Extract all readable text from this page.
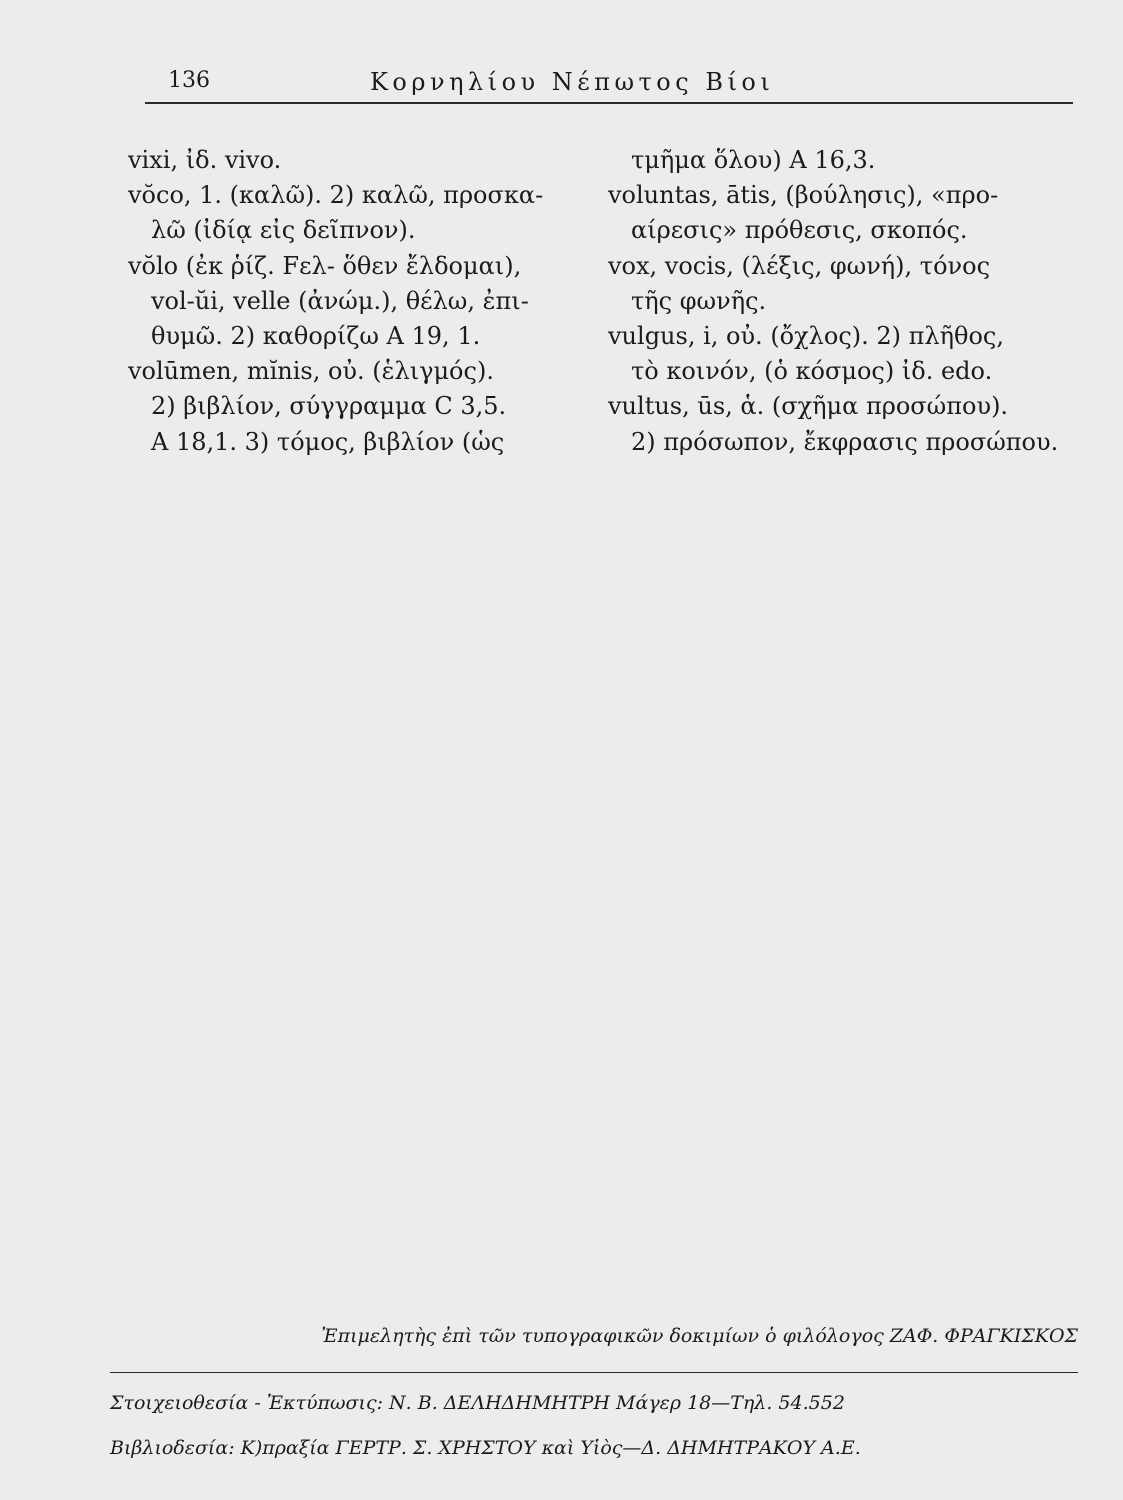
136	Κορνηλίου Νέπωτος Βίοι
vixi, ἰδ. vivo.
vŏco, 1. (καλῶ). 2) καλῶ, προσκα-
λῶ (ἰδίᾳ εἰς δεῖπνον).
vŏlo (ἐκ ῥίζ. Fελ- ὅθεν ἔλδομαι),
vol-ŭi, velle (ἀνώμ.), θέλω, ἐπι-
θυμῶ. 2) καθορίζω A 19, 1.
volūmen, mĭnis, οὐ. (ἑλιγμός).
2) βιβλίον, σύγγραμμα C 3,5.
A 18,1. 3) τόμος, βιβλίον (ὡς
τμῆμα ὅλου) A 16,3.
voluntas, ātis, (βούλησις), «προ-
αίρεσις» πρόθεσις, σκοπός.
vox, vocis, (λέξις, φωνή), τόνος
τῆς φωνῆς.
vulgus, i, οὐ. (ὄχλος). 2) πλῆθος,
τὸ κοινόν, (ὁ κόσμος) ἰδ. edo.
vultus, ūs, ἁ. (σχῆμα προσώπου).
2) πρόσωπον, ἔκφρασις προσώπου.
Ἐπιμελητὴς ἐπὶ τῶν τυπογραφικῶν δοκιμίων ὁ φιλόλογος ΖΑΦ. ΦΡΑΓΚΙΣΚΟΣ
Στοιχειοθεσία - Ἐκτύπωσις: Ν. Β. ΔΕΛΗΔΗΜΗΤΡΗ Μάγερ 18—Τηλ. 54.552
Βιβλιοδεσία: Κ)πραξία ΓΕΡΤΡ. Σ. ΧΡΗΣΤΟΥ καὶ Υἱὸς—Δ. ΔΗΜΗΤΡΑΚΟΥ Α.Ε.
